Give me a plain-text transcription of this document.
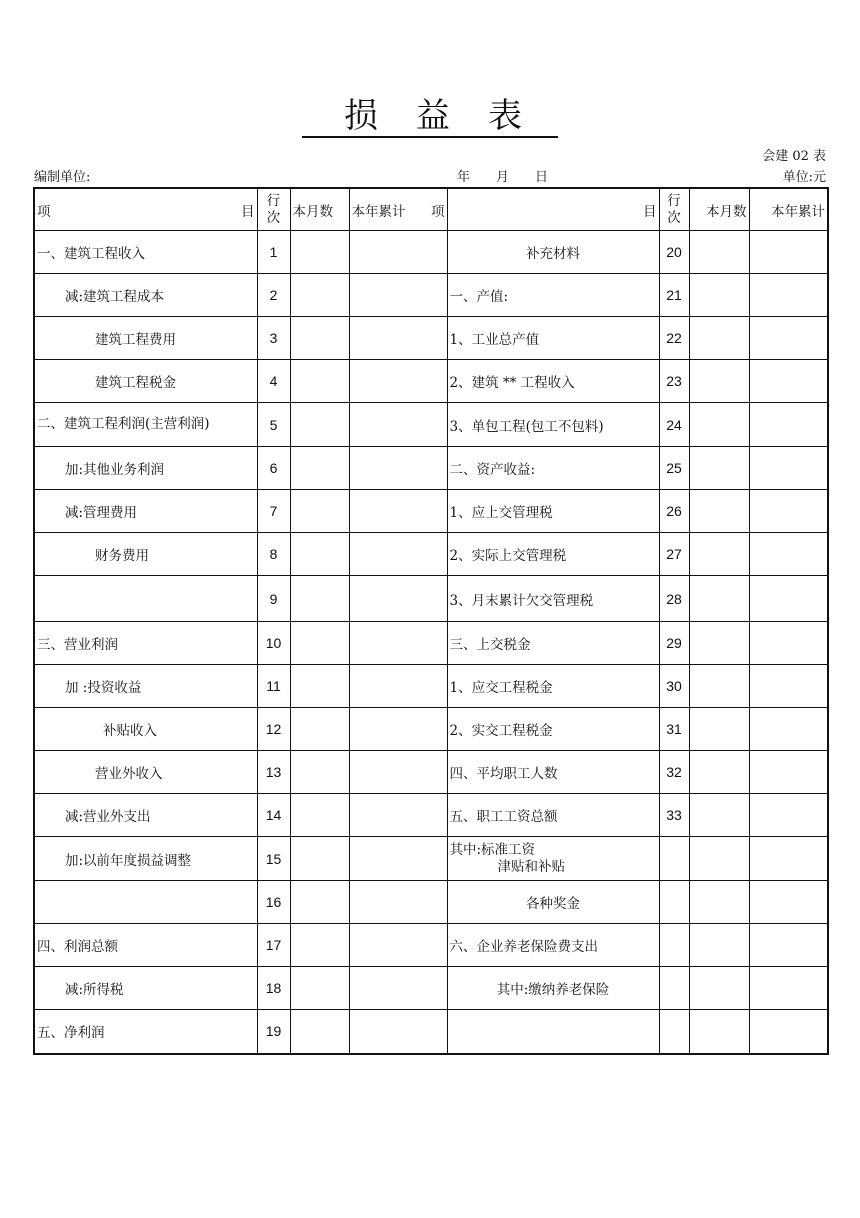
损 益 表
会建 02 表
编制单位:	年　　月　　日	单位:元
项 目	行次	本月数	本年累计 项	目	行次	本月数	本年累计
一、建筑工程收入	1			补充材料	20		
减:建筑工程成本	2			一、产值:	21		
建筑工程费用	3			1、工业总产值	22		
建筑工程税金	4			2、建筑 ** 工程收入	23		
二、建筑工程利润(主营利润)	5			3、单包工程(包工不包料)	24		
加:其他业务利润	6			二、资产收益:	25		
减:管理费用	7			1、应上交管理税	26		
财务费用	8			2、实际上交管理税	27		
	9			3、月末累计欠交管理税	28		
三、营业利润	10			三、上交税金	29		
加 :投资收益	11			1、应交工程税金	30		
补贴收入	12			2、实交工程税金	31		
营业外收入	13			四、平均职工人数	32		
减:营业外支出	14			五、职工工资总额	33		
加:以前年度损益调整	15			其中:标准工资
津贴和补贴			

	16			各种奖金			
四、利润总额	17			六、企业养老保险费支出			
减:所得税	18			其中:缴纳养老保险			
五、净利润	19						
